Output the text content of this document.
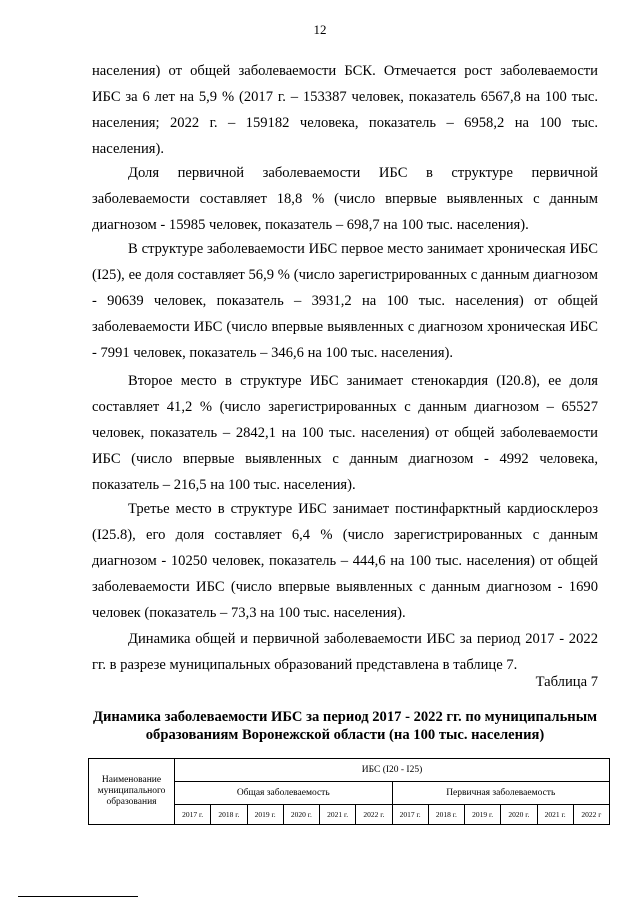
12

населения) от общей заболеваемости БСК. Отмечается рост заболеваемости ИБС за 6 лет на 5,9 % (2017 г. – 153387 человек, показатель 6567,8 на 100 тыс. населения; 2022 г. – 159182 человека, показатель – 6958,2 на 100 тыс. населения).

Доля первичной заболеваемости ИБС в структуре первичной заболеваемости составляет 18,8 % (число впервые выявленных с данным диагнозом - 15985 человек, показатель – 698,7 на 100 тыс. населения).

В структуре заболеваемости ИБС первое место занимает хроническая ИБС (I25), ее доля составляет 56,9 % (число зарегистрированных с данным диагнозом - 90639 человек, показатель – 3931,2 на 100 тыс. населения) от общей заболеваемости ИБС (число впервые выявленных с диагнозом хроническая ИБС - 7991 человек, показатель – 346,6 на 100 тыс. населения).

Второе место в структуре ИБС занимает стенокардия (I20.8), ее доля составляет 41,2 % (число зарегистрированных с данным диагнозом – 65527 человек, показатель – 2842,1 на 100 тыс. населения) от общей заболеваемости ИБС (число впервые выявленных с данным диагнозом - 4992 человека, показатель – 216,5 на 100 тыс. населения).

Третье место в структуре ИБС занимает постинфарктный кардиосклероз (I25.8), его доля составляет 6,4 % (число зарегистрированных с данным диагнозом - 10250 человек, показатель – 444,6 на 100 тыс. населения) от общей заболеваемости ИБС (число впервые выявленных с данным диагнозом - 1690 человек (показатель – 73,3 на 100 тыс. населения).

Динамика общей и первичной заболеваемости ИБС за период 2017 - 2022 гг. в разрезе муниципальных образований представлена в таблице 7.

Таблица 7
Динамика заболеваемости ИБС за период 2017 - 2022 гг. по муниципальным образованиям Воронежской области (на 100 тыс. населения)
Наименование муниципального образования	ИБС (I20 - I25)											
	Общая заболеваемость						Первичная заболеваемость					
	2017 г.	2018 г.	2019 г.	2020 г.	2021 г.	2022 г.	2017 г.	2018 г.	2019 г.	2020 г.	2021 г.	2022 г
